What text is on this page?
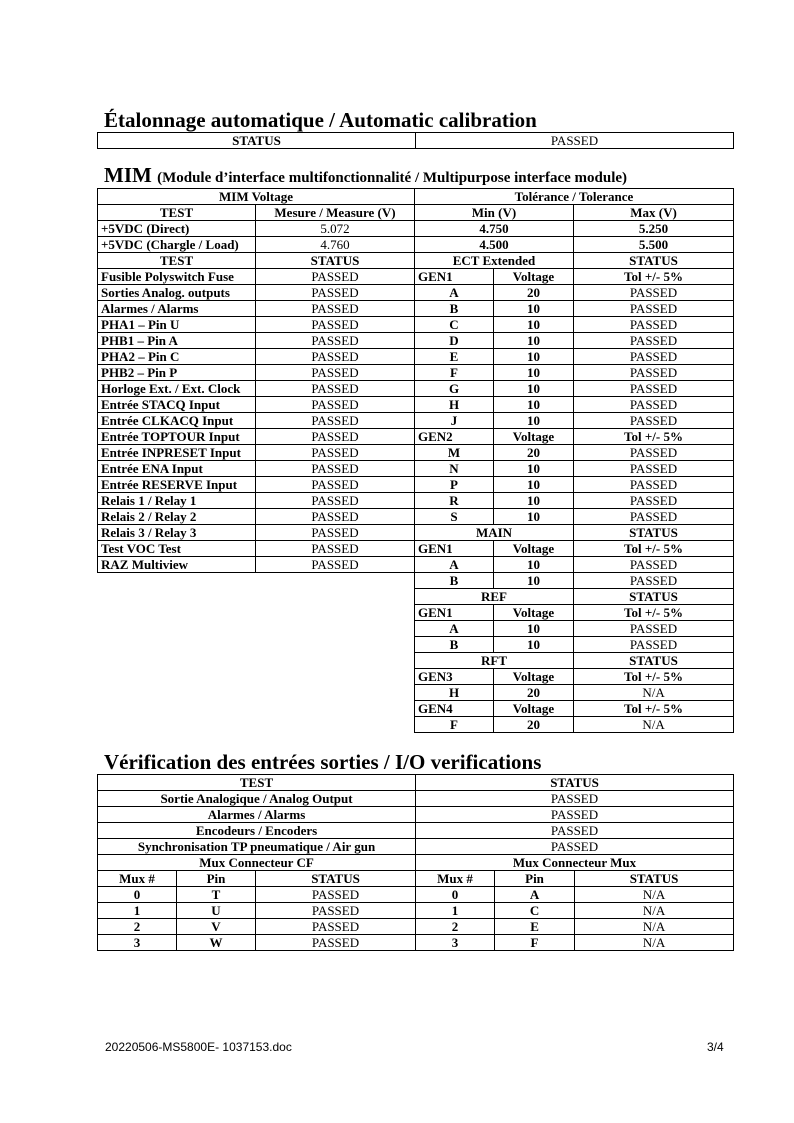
Étalonnage automatique / Automatic calibration
STATUS	PASSED
MIM (Module d’interface multifonctionnalité / Multipurpose interface module)
MIM Voltage		Tolérance / Tolerance		
TEST	Mesure / Measure (V)	Min (V)		Max (V)
+5VDC (Direct)	5.072	4.750		5.250
+5VDC (Chargle / Load)	4.760	4.500		5.500
TEST	STATUS	ECT Extended		STATUS
Fusible Polyswitch Fuse	PASSED	GEN1	Voltage	Tol +/- 5%
Sorties Analog. outputs	PASSED	A	20	PASSED
Alarmes / Alarms	PASSED	B	10	PASSED
PHA1 – Pin U	PASSED	C	10	PASSED
PHB1 – Pin A	PASSED	D	10	PASSED
PHA2 – Pin C	PASSED	E	10	PASSED
PHB2 – Pin P	PASSED	F	10	PASSED
Horloge Ext. / Ext. Clock	PASSED	G	10	PASSED
Entrée STACQ Input	PASSED	H	10	PASSED
Entrée CLKACQ Input	PASSED	J	10	PASSED
Entrée TOPTOUR Input	PASSED	GEN2	Voltage	Tol +/- 5%
Entrée INPRESET Input	PASSED	M	20	PASSED
Entrée ENA Input	PASSED	N	10	PASSED
Entrée RESERVE Input	PASSED	P	10	PASSED
Relais 1 / Relay 1	PASSED	R	10	PASSED
Relais 2 / Relay 2	PASSED	S	10	PASSED
Relais 3 / Relay 3	PASSED	MAIN		STATUS
Test VOC Test	PASSED	GEN1	Voltage	Tol +/- 5%
RAZ Multiview	PASSED	A	10	PASSED
		B	10	PASSED
		REF		STATUS
		GEN1	Voltage	Tol +/- 5%
		A	10	PASSED
		B	10	PASSED
		RFT		STATUS
		GEN3	Voltage	Tol +/- 5%
		H	20	N/A
		GEN4	Voltage	Tol +/- 5%
		F	20	N/A
Vérification des entrées sorties / I/O verifications
TEST			STATUS		
Sortie Analogique / Analog Output			PASSED		
Alarmes / Alarms			PASSED		
Encodeurs / Encoders			PASSED		
Synchronisation TP pneumatique / Air gun			PASSED		
Mux Connecteur CF			Mux Connecteur Mux		
Mux #	Pin	STATUS	Mux #	Pin	STATUS
0	T	PASSED	0	A	N/A
1	U	PASSED	1	C	N/A
2	V	PASSED	2	E	N/A
3	W	PASSED	3	F	N/A
20220506-MS5800E- 1037153.doc	3/4
